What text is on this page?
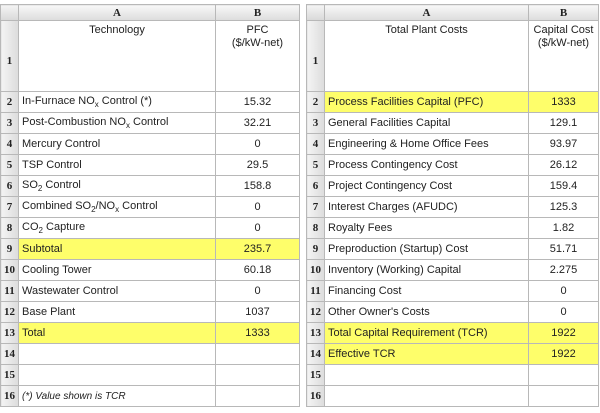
	A	B
1	Technology	PFC
($/kW-net)
2	In-Furnace $NO_x$ Control (*)	15.32
3	Post-Combustion $NO_x$ Control	32.21
4	Mercury Control	0
5	TSP Control	29.5
6	$SO_2$ Control	158.8
7	Combined $SO_2/NO_x$ Control	0
8	$CO_2$ Capture	0
9	Subtotal	235.7
10	Cooling Tower	60.18
11	Wastewater Control	0
12	Base Plant	1037
13	Total	1333
14		
15		
16	(*) Value shown is TCR	
	A	B
1	Total Plant Costs	Capital Cost
($/kW-net)
2	Process Facilities Capital (PFC)	1333
3	General Facilities Capital	129.1
4	Engineering & Home Office Fees	93.97
5	Process Contingency Cost	26.12
6	Project Contingency Cost	159.4
7	Interest Charges (AFUDC)	125.3
8	Royalty Fees	1.82
9	Preproduction (Startup) Cost	51.71
10	Inventory (Working) Capital	2.275
11	Financing Cost	0
12	Other Owner's Costs	0
13	Total Capital Requirement (TCR)	1922
14	Effective TCR	1922
15		
16		
